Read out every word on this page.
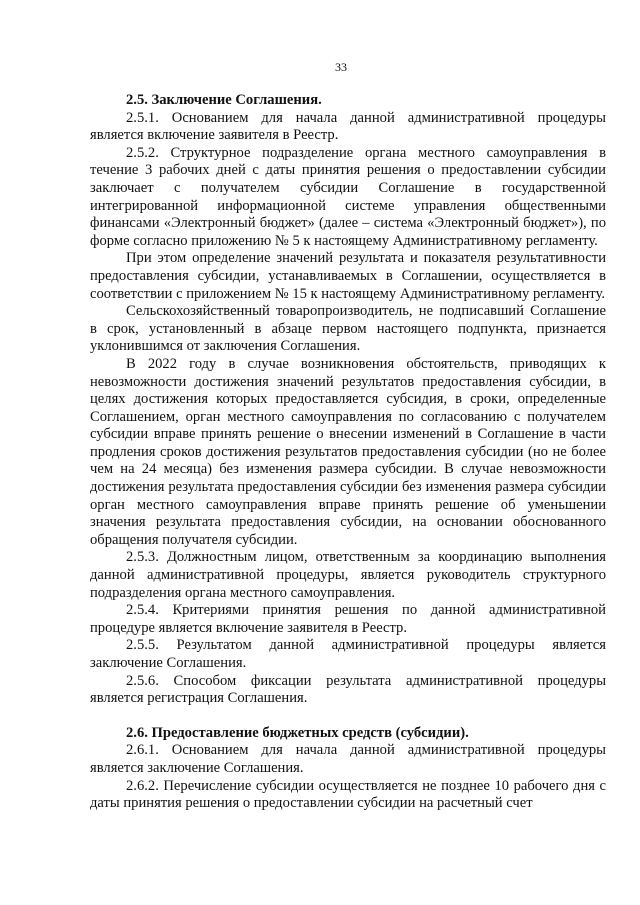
33
2.5. Заключение Соглашения.

2.5.1. Основанием для начала данной административной процедуры является включение заявителя в Реестр.

2.5.2. Структурное подразделение органа местного самоуправления в течение 3 рабочих дней с даты принятия решения о предоставлении субсидии заключает с получателем субсидии Соглашение в государственной интегрированной информационной системе управления общественными финансами «Электронный бюджет» (далее – система «Электронный бюджет»), по форме согласно приложению № 5 к настоящему Административному регламенту.

При этом определение значений результата и показателя результативности предоставления субсидии, устанавливаемых в Соглашении, осуществляется в соответствии с приложением № 15 к настоящему Административному регламенту.

Сельскохозяйственный товаропроизводитель, не подписавший Соглашение в срок, установленный в абзаце первом настоящего подпункта, признается уклонившимся от заключения Соглашения.

В 2022 году в случае возникновения обстоятельств, приводящих к невозможности достижения значений результатов предоставления субсидии, в целях достижения которых предоставляется субсидия, в сроки, определенные Соглашением, орган местного самоуправления по согласованию с получателем субсидии вправе принять решение о внесении изменений в Соглашение в части продления сроков достижения результатов предоставления субсидии (но не более чем на 24 месяца) без изменения размера субсидии. В случае невозможности достижения результата предоставления субсидии без изменения размера субсидии орган местного самоуправления вправе принять решение об уменьшении значения результата предоставления субсидии, на основании обоснованного обращения получателя субсидии.

2.5.3. Должностным лицом, ответственным за координацию выполнения данной административной процедуры, является руководитель структурного подразделения органа местного самоуправления.

2.5.4. Критериями принятия решения по данной административной процедуре является включение заявителя в Реестр.

2.5.5. Результатом данной административной процедуры является заключение Соглашения.

2.5.6. Способом фиксации результата административной процедуры является регистрация Соглашения.

2.6. Предоставление бюджетных средств (субсидии).

2.6.1. Основанием для начала данной административной процедуры является заключение Соглашения.

2.6.2. Перечисление субсидии осуществляется не позднее 10 рабочего дня с даты принятия решения о предоставлении субсидии на расчетный счет
